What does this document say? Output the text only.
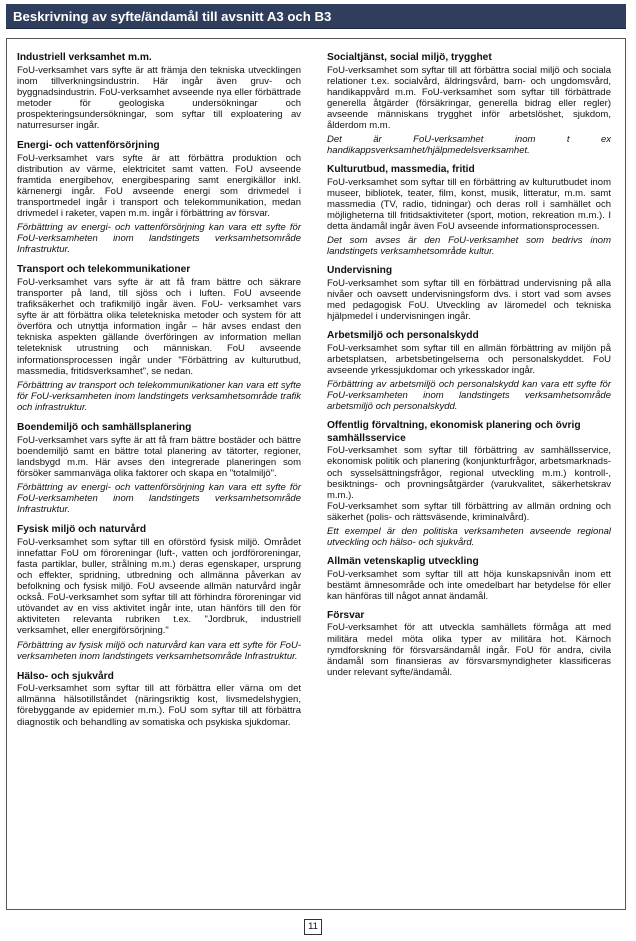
Beskrivning av syfte/ändamål till avsnitt A3 och B3
Industriell verksamhet m.m.
FoU-verksamhet vars syfte är att främja den tekniska utvecklingen inom tillverkningsindustrin. Här ingår även gruv- och byggnadsindustrin. FoU-verksamhet avseende nya eller förbättrade metoder för geologiska undersökningar och prospekteringsundersökningar, som syftar till exploatering av naturresurser ingår.
Energi- och vattenförsörjning
FoU-verksamhet vars syfte är att förbättra produktion och distribution av värme, elektricitet samt vatten. FoU avseende framtida energibehov, energibesparing samt energikällor inkl. kärnenergi ingår. FoU avseende energi som drivmedel i transportmedel ingår i transport och telekommunikation, medan drivmedel i raketer, vapen m.m. ingår i förbättring av försvar.
Förbättring av energi- och vattenförsörjning kan vara ett syfte för FoU-verksamheten inom landstingets verksamhetsområde Infrastruktur.
Transport och telekommunikationer
FoU-verksamhet vars syfte är att få fram bättre och säkrare transporter på land, till sjöss och i luften. FoU avseende trafiksäkerhet och trafikmiljö ingår även. FoU- verksamhet vars syfte är att förbättra olika teletekniska metoder och system för att överföra och utnyttja information ingår – här avses endast den tekniska aspekten gällande överföringen av information mellan teleteknisk utrustning och människan. FoU avseende informationsprocessen ingår under "Förbättring av kulturutbud, massmedia, fritidsverksamhet", se nedan.
Förbättring av transport och telekommunikationer kan vara ett syfte för FoU-verksamheten inom landstingets verksamhetsområde trafik och infrastruktur.
Boendemiljö och samhällsplanering
FoU-verksamhet vars syfte är att få fram bättre bostäder och bättre boendemiljö samt en bättre total planering av tätorter, regioner, landsbygd m.m. Här avses den integrerade planeringen som försöker sammanväga olika faktorer och skapa en "totalmiljö".
Förbättring av energi- och vattenförsörjning kan vara ett syfte för FoU-verksamheten inom landstingets verksamhetsområde Infrastruktur.
Fysisk miljö och naturvård
FoU-verksamhet som syftar till en oförstörd fysisk miljö. Området innefattar FoU om föroreningar (luft-, vatten och jordföroreningar, fasta partiklar, buller, strålning m.m.) deras egenskaper, ursprung och effekter, spridning, utbredning och allmänna påverkan av befolkning och fysisk miljö. FoU avseende allmän naturvård ingår också. FoU-verksamhet som syftar till att förhindra föroreningar vid utövandet av en viss aktivitet ingår inte, utan hänförs till den för aktiviteten relevanta rubriken t.ex. "Jordbruk, industriell verksamhet, eller energiförsörjning."
Förbättring av fysisk miljö och naturvård kan vara ett syfte för FoU-verksamheten inom landstingets verksamhetsområde Infrastruktur.
Hälso- och sjukvård
FoU-verksamhet som syftar till att förbättra eller värna om det allmänna hälsotillståndet (näringsriktig kost, livsmedelshygien, förebyggande av epidemier m.m.). FoU som syftar till att förbättra diagnostik och behandling av somatiska och psykiska sjukdomar.
Socialtjänst, social miljö, trygghet
FoU-verksamhet som syftar till att förbättra social miljö och sociala relationer t.ex. socialvård, äldringsvård, barn- och ungdomsvård, handikappvård m.m. FoU-verksamhet som syftar till förbättrade generella åtgärder (försäkringar, generella bidrag eller regler) avseende människans trygghet inför arbetslöshet, sjukdom, ålderdom m.m.
Det är FoU-verksamhet inom t ex handikappsverksamhet/hjälpmedelsverksamhet.
Kulturutbud, massmedia, fritid
FoU-verksamhet som syftar till en förbättring av kulturutbudet inom museer, bibliotek, teater, film, konst, musik, litteratur, m.m. samt massmedia (TV, radio, tidningar) och deras roll i samhället och möjligheterna till fritidsaktiviteter (sport, motion, rekreation m.m.). I detta ändamål ingår även FoU avseende informationsprocessen.
Det som avses är den FoU-verksamhet som bedrivs inom landstingets verksamhetsområde kultur.
Undervisning
FoU-verksamhet som syftar till en förbättrad undervisning på alla nivåer och oavsett undervisningsform dvs. i stort vad som avses med pedagogisk FoU. Utveckling av läromedel och tekniska hjälpmedel i undervisningen ingår.
Arbetsmiljö och personalskydd
FoU-verksamhet som syftar till en allmän förbättring av miljön på arbetsplatsen, arbetsbetingelserna och personalskyddet. FoU avseende yrkessjukdomar och yrkesskador ingår.
Förbättring av arbetsmiljö och personalskydd kan vara ett syfte för FoU-verksamheten inom landstingets verksamhetsområde arbetsmiljö och personalskydd.
Offentlig förvaltning, ekonomisk planering och övrig samhällsservice
FoU-verksamhet som syftar till förbättring av samhällsservice, ekonomisk politik och planering (konjunkturfrågor, arbetsmarknads- och sysselsättningsfrågor, regional utveckling m.m.) kontroll-, besiktnings- och provningsåtgärder (varukvalitet, säkerhetskrav m.m.).
FoU-verksamhet som syftar till förbättring av allmän ordning och säkerhet (polis- och rättsväsende, kriminalvård).
Ett exempel är den politiska verksamheten avseende regional utveckling och hälso- och sjukvård.
Allmän vetenskaplig utveckling
FoU-verksamhet som syftar till att höja kunskapsnivån inom ett bestämt ämnesområde och inte omedelbart har betydelse för eller kan hänföras till något annat ändamål.
Försvar
FoU-verksamhet för att utveckla samhällets förmåga att med militära medel möta olika typer av militära hot. Kärnoch rymdforskning för försvarsändamål ingår. FoU för andra, civila ändamål som finansieras av försvarsmyndigheter klassificeras under relevant syfte/ändamål.
11
